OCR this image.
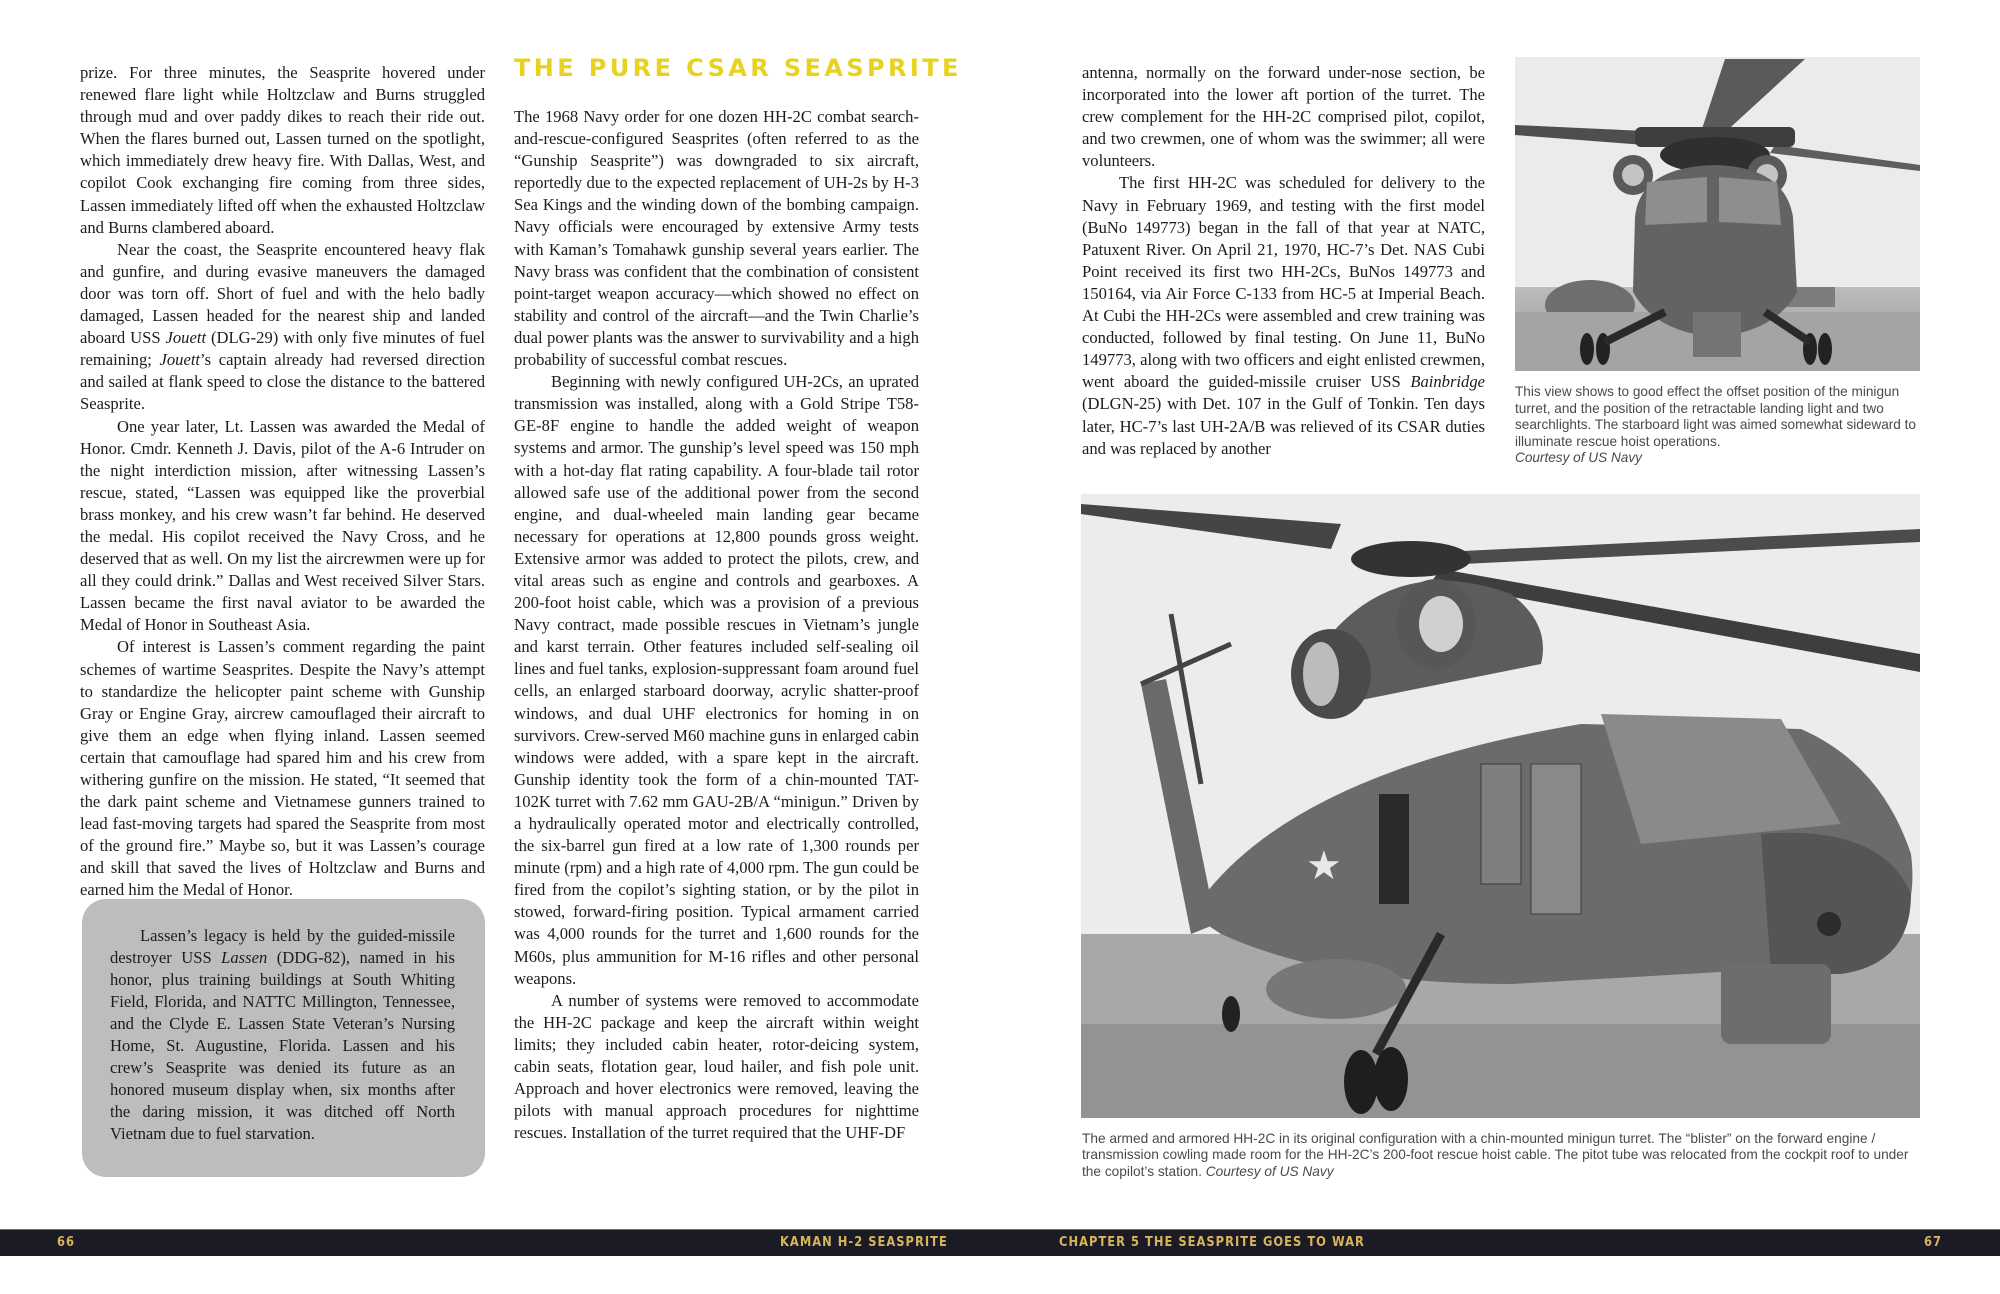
prize. For three minutes, the Seasprite hovered under renewed flare light while Holtzclaw and Burns struggled through mud and over paddy dikes to reach their ride out. When the flares burned out, Lassen turned on the spotlight, which immediately drew heavy fire. With Dallas, West, and copilot Cook exchanging fire coming from three sides, Lassen immediately lifted off when the exhausted Holtzclaw and Burns clambered aboard.

Near the coast, the Seasprite encountered heavy flak and gunfire, and during evasive maneuvers the damaged door was torn off. Short of fuel and with the helo badly damaged, Lassen headed for the nearest ship and landed aboard USS Jouett (DLG-29) with only five minutes of fuel remaining; Jouett’s captain already had reversed direction and sailed at flank speed to close the distance to the battered Seasprite.

One year later, Lt. Lassen was awarded the Medal of Honor. Cmdr. Kenneth J. Davis, pilot of the A-6 Intruder on the night interdiction mission, after witnessing Lassen’s rescue, stated, “Lassen was equipped like the proverbial brass monkey, and his crew wasn’t far behind. He deserved the medal. His copilot received the Navy Cross, and he deserved that as well. On my list the aircrewmen were up for all they could drink.” Dallas and West received Silver Stars. Lassen became the first naval aviator to be awarded the Medal of Honor in Southeast Asia.

Of interest is Lassen’s comment regarding the paint schemes of wartime Seasprites. Despite the Navy’s attempt to standardize the helicopter paint scheme with Gunship Gray or Engine Gray, aircrew camouflaged their aircraft to give them an edge when flying inland. Lassen seemed certain that camouflage had spared him and his crew from withering gunfire on the mission. He stated, “It seemed that the dark paint scheme and Vietnamese gunners trained to lead fast-moving targets had spared the Seasprite from most of the ground fire.” Maybe so, but it was Lassen’s courage and skill that saved the lives of Holtzclaw and Burns and earned him the Medal of Honor.

Lassen’s legacy is held by the guided-missile destroyer USS Lassen (DDG-82), named in his honor, plus training buildings at South Whiting Field, Florida, and NATTC Millington, Tennessee, and the Clyde E. Lassen State Veteran’s Nursing Home, St. Augustine, Florida. Lassen and his crew’s Seasprite was denied its future as an honored museum display when, six months after the daring mission, it was ditched off North Vietnam due to fuel starvation.

THE PURE CSAR SEASPRITE

The 1968 Navy order for one dozen HH-2C combat search-and-rescue-configured Seasprites (often referred to as the “Gunship Seasprite”) was downgraded to six aircraft, reportedly due to the expected replacement of UH-2s by H-3 Sea Kings and the winding down of the bombing campaign. Navy officials were encouraged by extensive Army tests with Kaman’s Tomahawk gunship several years earlier. The Navy brass was confident that the combination of consistent point-target weapon accuracy—which showed no effect on stability and control of the aircraft—and the Twin Charlie’s dual power plants was the answer to survivability and a high probability of successful combat rescues.

Beginning with newly configured UH-2Cs, an uprated transmission was installed, along with a Gold Stripe T58-GE-8F engine to handle the added weight of weapon systems and armor. The gunship’s level speed was 150 mph with a hot-day flat rating capability. A four-blade tail rotor allowed safe use of the additional power from the second engine, and dual-wheeled main landing gear became necessary for operations at 12,800 pounds gross weight. Extensive armor was added to protect the pilots, crew, and vital areas such as engine and controls and gearboxes. A 200-foot hoist cable, which was a provision of a previous Navy contract, made possible rescues in Vietnam’s jungle and karst terrain. Other features included self-sealing oil lines and fuel tanks, explosion-suppressant foam around fuel cells, an enlarged starboard doorway, acrylic shatter-proof windows, and dual UHF electronics for homing in on survivors. Crew-served M60 machine guns in enlarged cabin windows were added, with a spare kept in the aircraft. Gunship identity took the form of a chin-mounted TAT-102K turret with 7.62 mm GAU-2B/A “minigun.” Driven by a hydraulically operated motor and electrically controlled, the six-barrel gun fired at a low rate of 1,300 rounds per minute (rpm) and a high rate of 4,000 rpm. The gun could be fired from the copilot’s sighting station, or by the pilot in stowed, forward-firing position. Typical armament carried was 4,000 rounds for the turret and 1,600 rounds for the M60s, plus ammunition for M-16 rifles and other personal weapons.

A number of systems were removed to accommodate the HH-2C package and keep the aircraft within weight limits; they included cabin heater, rotor-deicing system, cabin seats, flotation gear, loud hailer, and fish pole unit. Approach and hover electronics were removed, leaving the pilots with manual approach procedures for nighttime rescues. Installation of the turret required that the UHF-DF

antenna, normally on the forward under-nose section, be incorporated into the lower aft portion of the turret. The crew complement for the HH-2C comprised pilot, copilot, and two crewmen, one of whom was the swimmer; all were volunteers.

The first HH-2C was scheduled for delivery to the Navy in February 1969, and testing with the first model (BuNo 149773) began in the fall of that year at NATC, Patuxent River. On April 21, 1970, HC-7’s Det. NAS Cubi Point received its first two HH-2Cs, BuNos 149773 and 150164, via Air Force C-133 from HC-5 at Imperial Beach. At Cubi the HH-2Cs were assembled and crew training was conducted, followed by final testing. On June 11, BuNo 149773, along with two officers and eight enlisted crewmen, went aboard the guided-missile cruiser USS Bainbridge (DLGN-25) with Det. 107 in the Gulf of Tonkin. Ten days later, HC-7’s last UH-2A/B was relieved of its CSAR duties and was replaced by another

This view shows to good effect the offset position of the minigun turret, and the position of the retractable landing light and two searchlights. The starboard light was aimed somewhat sideward to illuminate rescue hoist operations.
Courtesy of US Navy
★
The armed and armored HH-2C in its original configuration with a chin-mounted minigun turret. The “blister” on the forward engine / transmission cowling made room for the HH-2C’s 200-foot rescue hoist cable. The pitot tube was relocated from the cockpit roof to under the copilot’s station. Courtesy of US Navy
66	KAMAN H-2 SEASPRITE	CHAPTER 5 THE SEASPRITE GOES TO WAR	67
